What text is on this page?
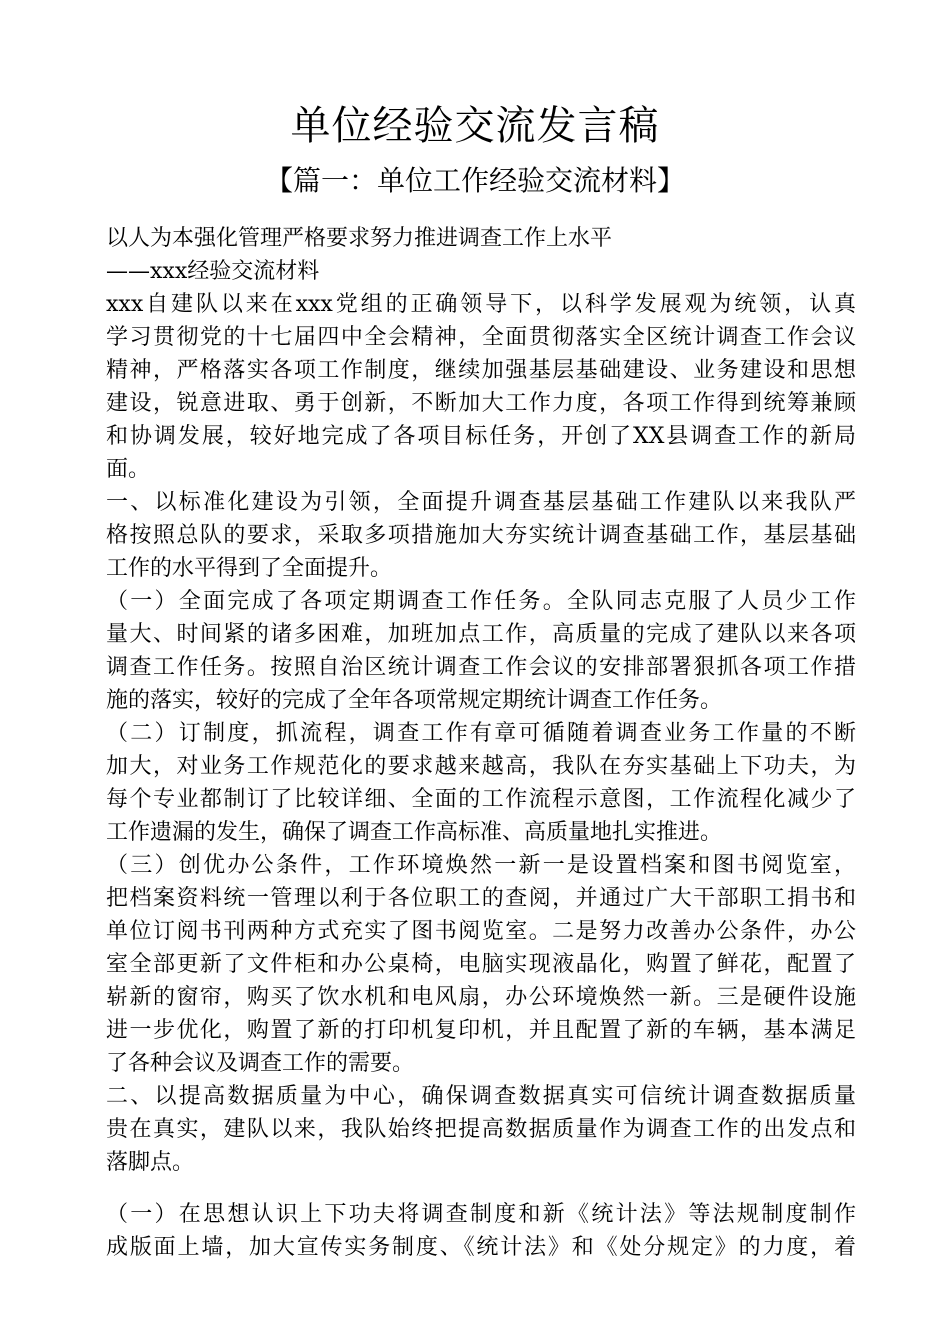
单位经验交流发言稿
【篇一：单位工作经验交流材料】
以人为本强化管理严格要求努力推进调查工作上水平
——xxx经验交流材料
xxx自建队以来在xxx党组的正确领导下，以科学发展观为统领，认真
学习贯彻党的十七届四中全会精神，全面贯彻落实全区统计调查工作会议
精神，严格落实各项工作制度，继续加强基层基础建设、业务建设和思想
建设，锐意进取、勇于创新，不断加大工作力度，各项工作得到统筹兼顾
和协调发展，较好地完成了各项目标任务，开创了XX县调查工作的新局
面。
一、以标准化建设为引领，全面提升调查基层基础工作建队以来我队严
格按照总队的要求，采取多项措施加大夯实统计调查基础工作，基层基础
工作的水平得到了全面提升。
（一）全面完成了各项定期调查工作任务。全队同志克服了人员少工作
量大、时间紧的诸多困难，加班加点工作，高质量的完成了建队以来各项
调查工作任务。按照自治区统计调查工作会议的安排部署狠抓各项工作措
施的落实，较好的完成了全年各项常规定期统计调查工作任务。
（二）订制度，抓流程，调查工作有章可循随着调查业务工作量的不断
加大，对业务工作规范化的要求越来越高，我队在夯实基础上下功夫，为
每个专业都制订了比较详细、全面的工作流程示意图，工作流程化减少了
工作遗漏的发生，确保了调查工作高标准、高质量地扎实推进。
（三）创优办公条件，工作环境焕然一新一是设置档案和图书阅览室，
把档案资料统一管理以利于各位职工的查阅，并通过广大干部职工捐书和
单位订阅书刊两种方式充实了图书阅览室。二是努力改善办公条件，办公
室全部更新了文件柜和办公桌椅，电脑实现液晶化，购置了鲜花，配置了
崭新的窗帘，购买了饮水机和电风扇，办公环境焕然一新。三是硬件设施
进一步优化，购置了新的打印机复印机，并且配置了新的车辆，基本满足
了各种会议及调查工作的需要。
二、以提高数据质量为中心，确保调查数据真实可信统计调查数据质量
贵在真实，建队以来，我队始终把提高数据质量作为调查工作的出发点和
落脚点。
（一）在思想认识上下功夫将调查制度和新《统计法》等法规制度制作
成版面上墙，加大宣传实务制度、《统计法》和《处分规定》的力度，着
